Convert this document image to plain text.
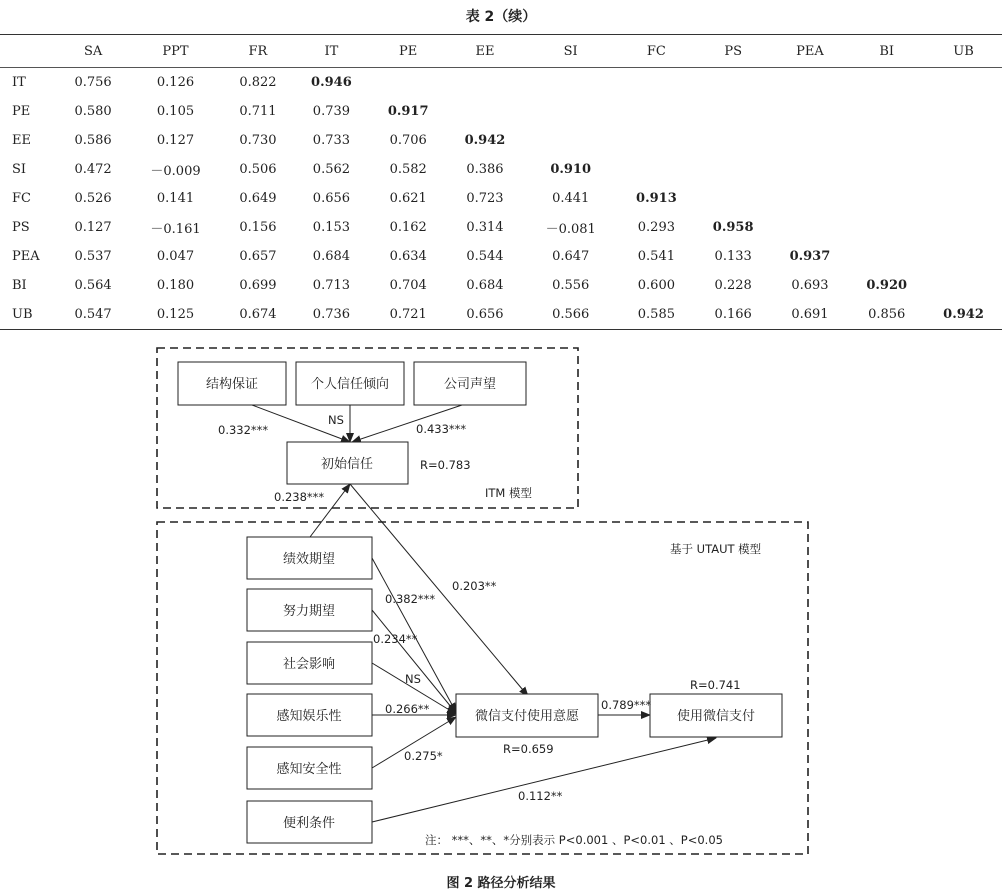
表 2（续）
	SA	PPT	FR	IT	PE	EE	SI	FC	PS	PEA	BI	UB
IT	0.756	0.126	0.822	0.946								
PE	0.580	0.105	0.711	0.739	0.917							
EE	0.586	0.127	0.730	0.733	0.706	0.942						
SI	0.472	－0.009	0.506	0.562	0.582	0.386	0.910					
FC	0.526	0.141	0.649	0.656	0.621	0.723	0.441	0.913				
PS	0.127	－0.161	0.156	0.153	0.162	0.314	－0.081	0.293	0.958			
PEA	0.537	0.047	0.657	0.684	0.634	0.544	0.647	0.541	0.133	0.937		
BI	0.564	0.180	0.699	0.713	0.704	0.684	0.556	0.600	0.228	0.693	0.920	
UB	0.547	0.125	0.674	0.736	0.721	0.656	0.566	0.585	0.166	0.691	0.856	0.942
结构保证	个人信任倾向	公司声望
初始信任
绩效期望
努力期望
社会影响
感知娱乐性
感知安全性
便利条件
微信支付使用意愿	使用微信支付
0.332***
NS
0.433***
R=0.783
ITM 模型
0.238***
基于 UTAUT 模型
0.203**
0.382***
0.234**
NS
0.266**
0.275*
0.789***
R=0.741
R=0.659
0.112**
注： ***、**、*分别表示 P<0.001 、P<0.01 、P<0.05
图 2 路径分析结果
